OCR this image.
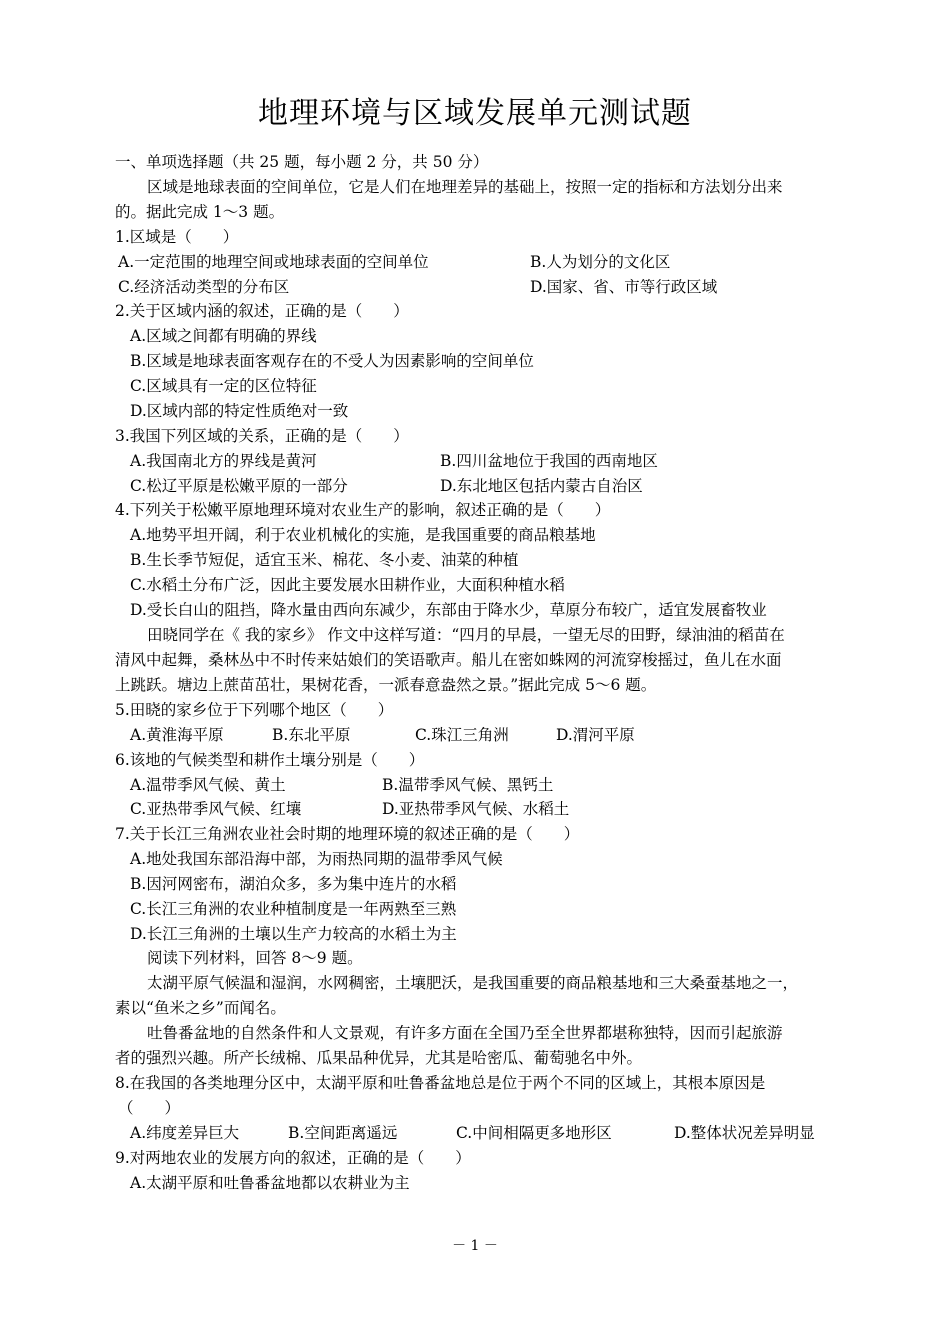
地理环境与区域发展单元测试题
一、单项选择题（共 25 题，每小题 2 分，共 50 分）
区域是地球表面的空间单位，它是人们在地理差异的基础上，按照一定的指标和方法划分出来
的。据此完成 1～3 题。
1.区域是（　　）
A.一定范围的地理空间或地球表面的空间单位	B.人为划分的文化区
C.经济活动类型的分布区	D.国家、省、市等行政区域
2.关于区域内涵的叙述，正确的是（　　）
A.区域之间都有明确的界线
B.区域是地球表面客观存在的不受人为因素影响的空间单位
C.区域具有一定的区位特征
D.区域内部的特定性质绝对一致
3.我国下列区域的关系，正确的是（　　）
A.我国南北方的界线是黄河	B.四川盆地位于我国的西南地区
C.松辽平原是松嫩平原的一部分	D.东北地区包括内蒙古自治区
4.下列关于松嫩平原地理环境对农业生产的影响，叙述正确的是（　　）
A.地势平坦开阔，利于农业机械化的实施，是我国重要的商品粮基地
B.生长季节短促，适宜玉米、棉花、冬小麦、油菜的种植
C.水稻土分布广泛，因此主要发展水田耕作业，大面积种植水稻
D.受长白山的阻挡，降水量由西向东减少，东部由于降水少，草原分布较广，适宜发展畜牧业
田晓同学在《 我的家乡》 作文中这样写道：“四月的早晨，一望无尽的田野，绿油油的稻苗在
清风中起舞，桑林丛中不时传来姑娘们的笑语歌声。船儿在密如蛛网的河流穿梭摇过，鱼儿在水面
上跳跃。塘边上蔗苗茁壮，果树花香，一派春意盎然之景。”据此完成 5～6 题。
5.田晓的家乡位于下列哪个地区（　　）
A.黄淮海平原	B.东北平原	C.珠江三角洲	D.渭河平原
6.该地的气候类型和耕作土壤分别是（　　）
A.温带季风气候、黄土	B.温带季风气候、黑钙土
C.亚热带季风气候、红壤	D.亚热带季风气候、水稻土
7.关于长江三角洲农业社会时期的地理环境的叙述正确的是（　　）
A.地处我国东部沿海中部，为雨热同期的温带季风气候
B.因河网密布，湖泊众多，多为集中连片的水稻
C.长江三角洲的农业种植制度是一年两熟至三熟
D.长江三角洲的土壤以生产力较高的水稻土为主
阅读下列材料，回答 8～9 题。
太湖平原气候温和湿润，水网稠密，土壤肥沃，是我国重要的商品粮基地和三大桑蚕基地之一，
素以“鱼米之乡”而闻名。
吐鲁番盆地的自然条件和人文景观，有许多方面在全国乃至全世界都堪称独特，因而引起旅游
者的强烈兴趣。所产长绒棉、瓜果品种优异，尤其是哈密瓜、葡萄驰名中外。
8.在我国的各类地理分区中，太湖平原和吐鲁番盆地总是位于两个不同的区域上，其根本原因是
（　　）
A.纬度差异巨大	B.空间距离遥远	C.中间相隔更多地形区	D.整体状况差异明显
9.对两地农业的发展方向的叙述，正确的是（　　）
A.太湖平原和吐鲁番盆地都以农耕业为主
－ 1 －
